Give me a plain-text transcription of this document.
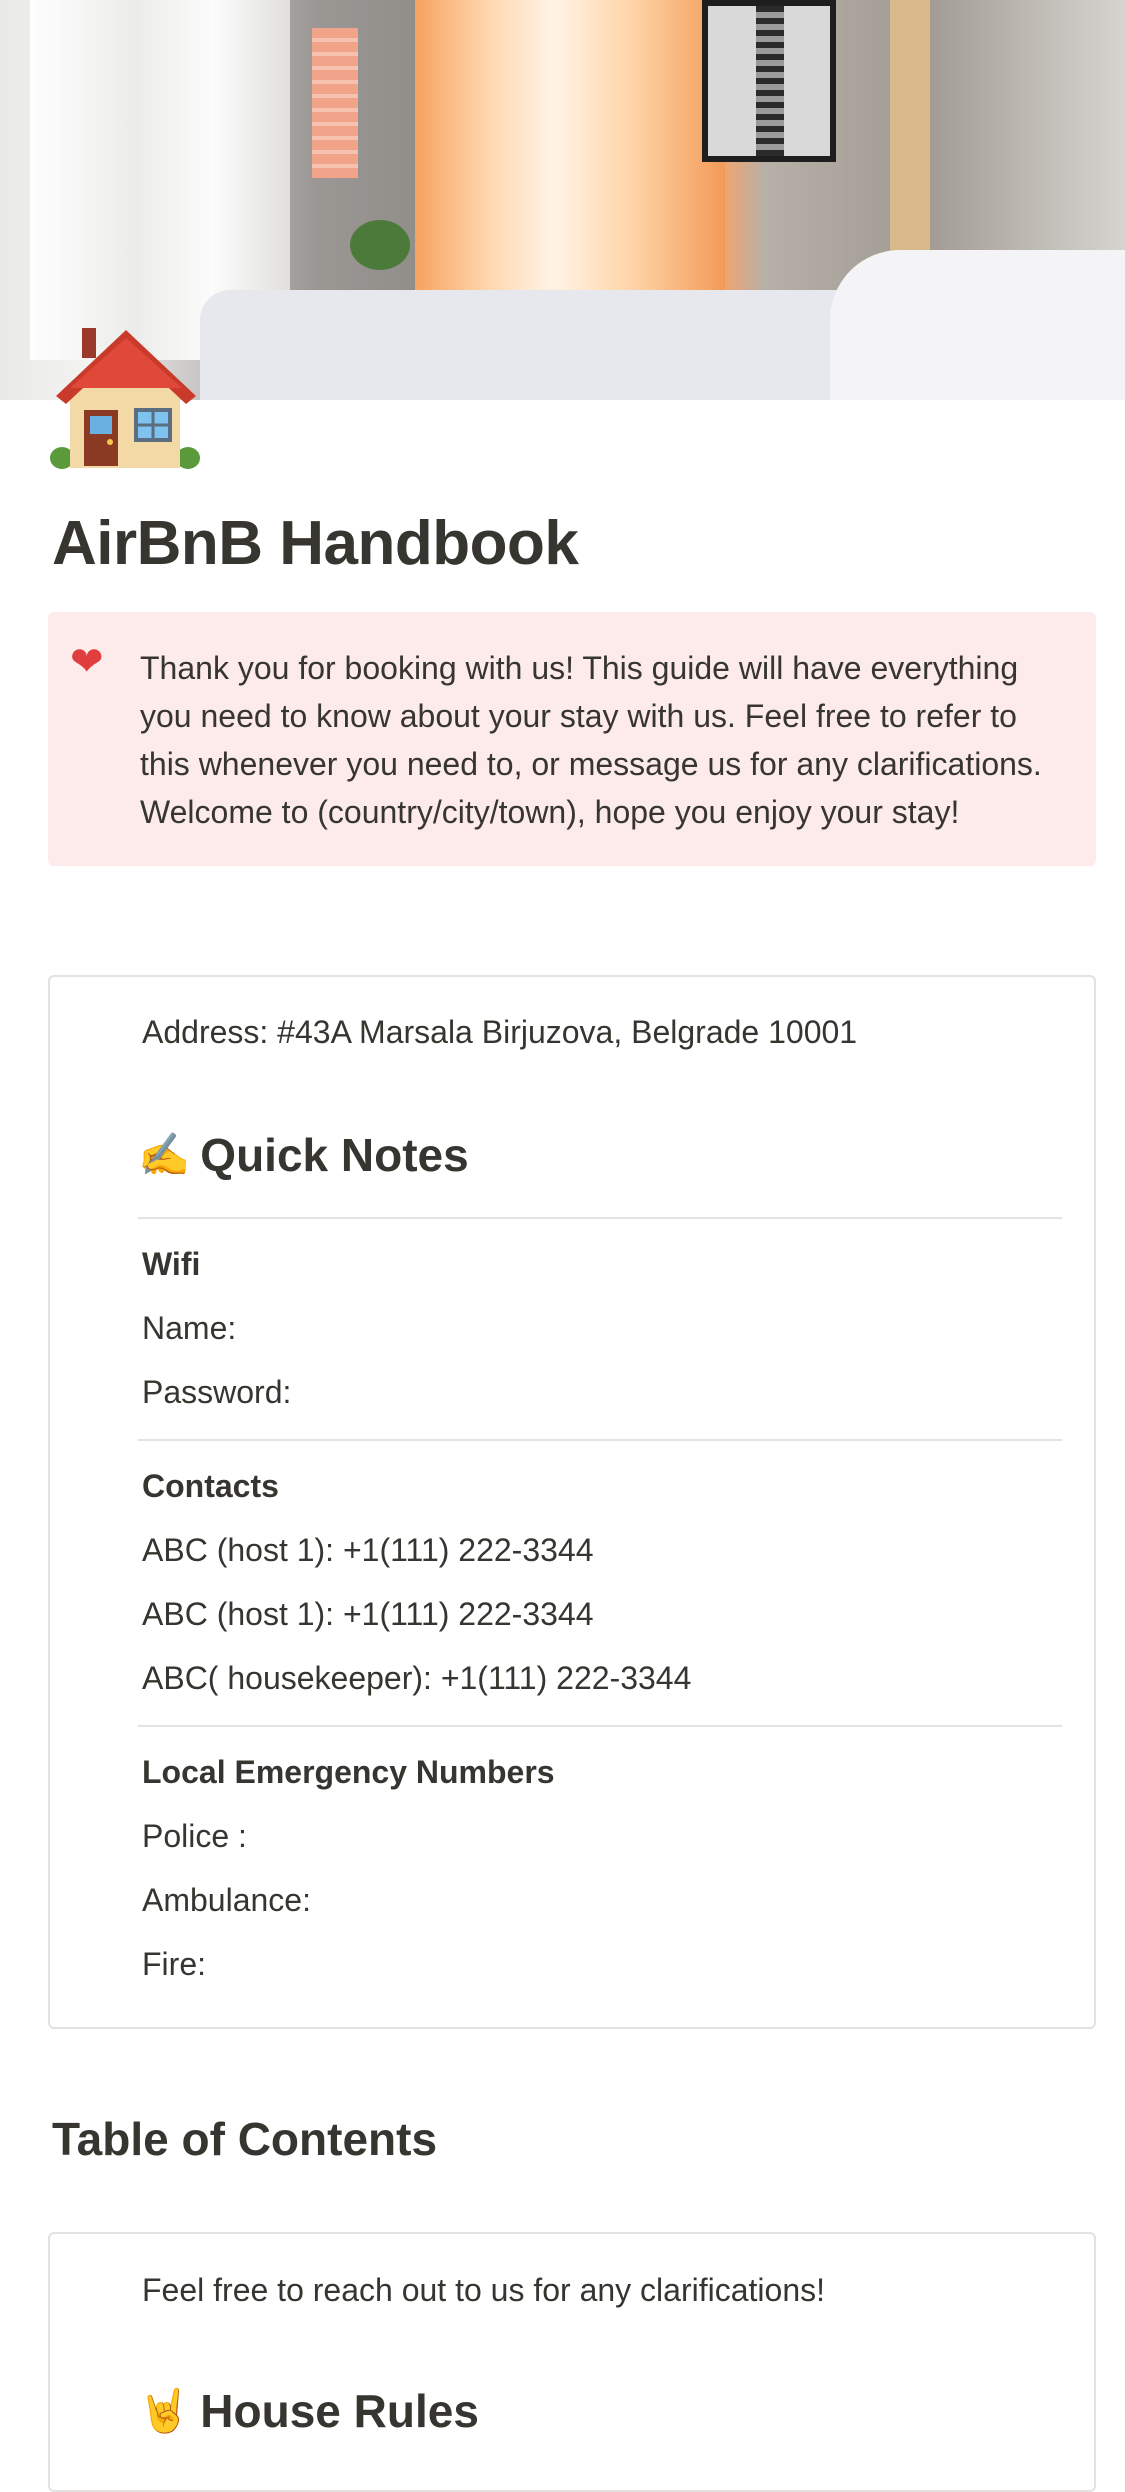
AirBnB Handbook
❤ Thank you for booking with us! This guide will have everything you need to know about your stay with us. Feel free to refer to this whenever you need to, or message us for any clarifications. Welcome to (country/city/town), hope you enjoy your stay!
Address: #43A Marsala Birjuzova, Belgrade 10001
✍️ Quick Notes
Wifi
Name:
Password:
Contacts
ABC (host 1): +1(111) 222-3344
ABC (host 1): +1(111) 222-3344
ABC( housekeeper): +1(111) 222-3344
Local Emergency Numbers
Police :
Ambulance:
Fire:
Table of Contents
Feel free to reach out to us for any clarifications!
🤘 House Rules
